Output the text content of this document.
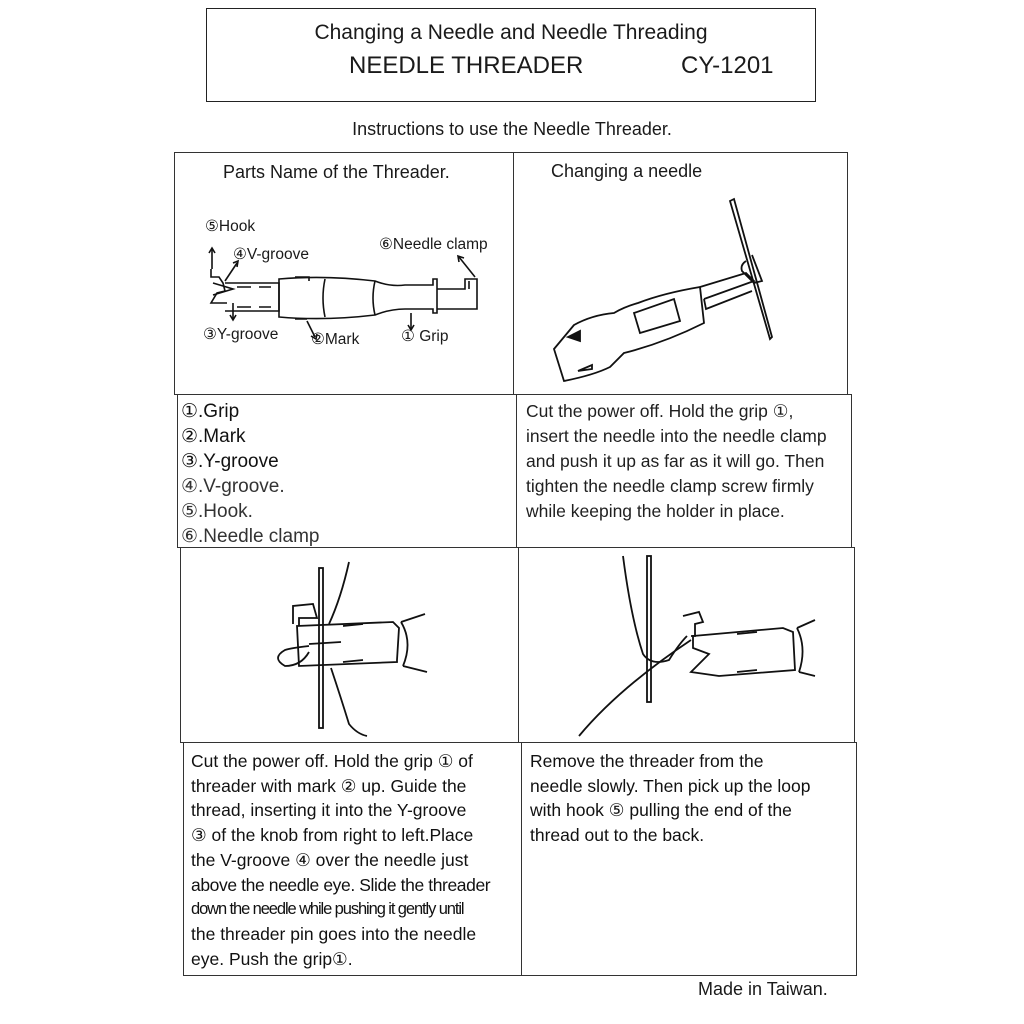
Changing a Needle and Needle Threading
NEEDLE THREADER	CY-1201
Instructions to use the Needle Threader.
Parts Name of the Threader.
⑤Hook
④V-groove
⑥Needle clamp
③Y-groove ②Mark	① Grip
Changing a needle
①.Grip
②.Mark
③.Y-groove
④.V-groove.
⑤.Hook.
⑥.Needle clamp
Cut the power off. Hold the grip ①, insert the needle into the needle clamp and push it up as far as it will go. Then tighten the needle clamp screw firmly while keeping the holder in place.
Cut the power off. Hold the grip ① of
threader with mark ② up. Guide the
thread, inserting it into the Y-groove
③ of the knob from right to left.Place
the V-groove ④ over the needle just
above the needle eye. Slide the threader
down the needle while pushing it gently until
the threader pin goes into the needle
eye. Push the grip①.
Remove the threader from the
needle slowly. Then pick up the loop
with hook ⑤ pulling the end of the
thread out to the back.
Made in Taiwan.
